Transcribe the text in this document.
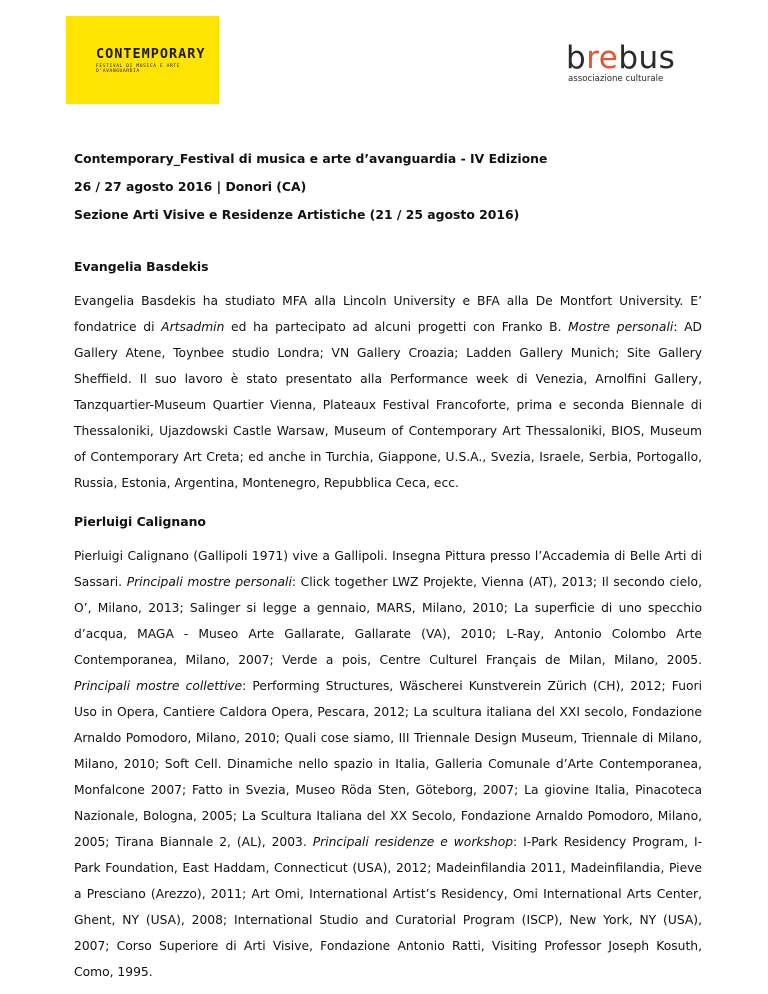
CONTEMPORARY
FESTIVAL DI MUSICA E ARTE D'AVANGUARDIA	brebus
associazione culturale

Contemporary_Festival di musica e arte d’avanguardia - IV Edizione

26 / 27 agosto 2016 | Donori (CA)

Sezione Arti Visive e Residenze Artistiche (21 / 25 agosto 2016)

Evangelia Basdekis

Evangelia Basdekis ha studiato MFA alla Lincoln University e BFA alla De Montfort University. E’ fondatrice di Artsadmin ed ha partecipato ad alcuni progetti con Franko B. Mostre personali: AD Gallery Atene, Toynbee studio Londra; VN Gallery Croazia; Ladden Gallery Munich; Site Gallery Sheffield. Il suo lavoro è stato presentato alla Performance week di Venezia, Arnolfini Gallery, Tanzquartier-Museum Quartier Vienna, Plateaux Festival Francoforte, prima e seconda Biennale di Thessaloniki, Ujazdowski Castle Warsaw, Museum of Contemporary Art Thessaloniki, BIOS, Museum of Contemporary Art Creta; ed anche in Turchia, Giappone, U.S.A., Svezia, Israele, Serbia, Portogallo, Russia, Estonia, Argentina, Montenegro, Repubblica Ceca, ecc.

Pierluigi Calignano

Pierluigi Calignano (Gallipoli 1971) vive a Gallipoli. Insegna Pittura presso l’Accademia di Belle Arti di Sassari. Principali mostre personali: Click together LWZ Projekte, Vienna (AT), 2013; Il secondo cielo, O’, Milano, 2013; Salinger si legge a gennaio, MARS, Milano, 2010; La superficie di uno specchio d’acqua, MAGA - Museo Arte Gallarate, Gallarate (VA), 2010; L-Ray, Antonio Colombo Arte Contemporanea, Milano, 2007; Verde a pois, Centre Culturel Français de Milan, Milano, 2005. Principali mostre collettive: Performing Structures, Wäscherei Kunstverein Zürich (CH), 2012; Fuori Uso in Opera, Cantiere Caldora Opera, Pescara, 2012; La scultura italiana del XXI secolo, Fondazione Arnaldo Pomodoro, Milano, 2010; Quali cose siamo, III Triennale Design Museum, Triennale di Milano, Milano, 2010; Soft Cell. Dinamiche nello spazio in Italia, Galleria Comunale d’Arte Contemporanea, Monfalcone 2007; Fatto in Svezia, Museo Röda Sten, Göteborg, 2007; La giovine Italia, Pinacoteca Nazionale, Bologna, 2005; La Scultura Italiana del XX Secolo, Fondazione Arnaldo Pomodoro, Milano, 2005; Tirana Biannale 2, (AL), 2003. Principali residenze e workshop: I-Park Residency Program, I-Park Foundation, East Haddam, Connecticut (USA), 2012; Madeinfilandia 2011, Madeinfilandia, Pieve a Presciano (Arezzo), 2011; Art Omi, International Artist’s Residency, Omi International Arts Center, Ghent, NY (USA), 2008; International Studio and Curatorial Program (ISCP), New York, NY (USA), 2007; Corso Superiore di Arti Visive, Fondazione Antonio Ratti, Visiting Professor Joseph Kosuth, Como, 1995.
